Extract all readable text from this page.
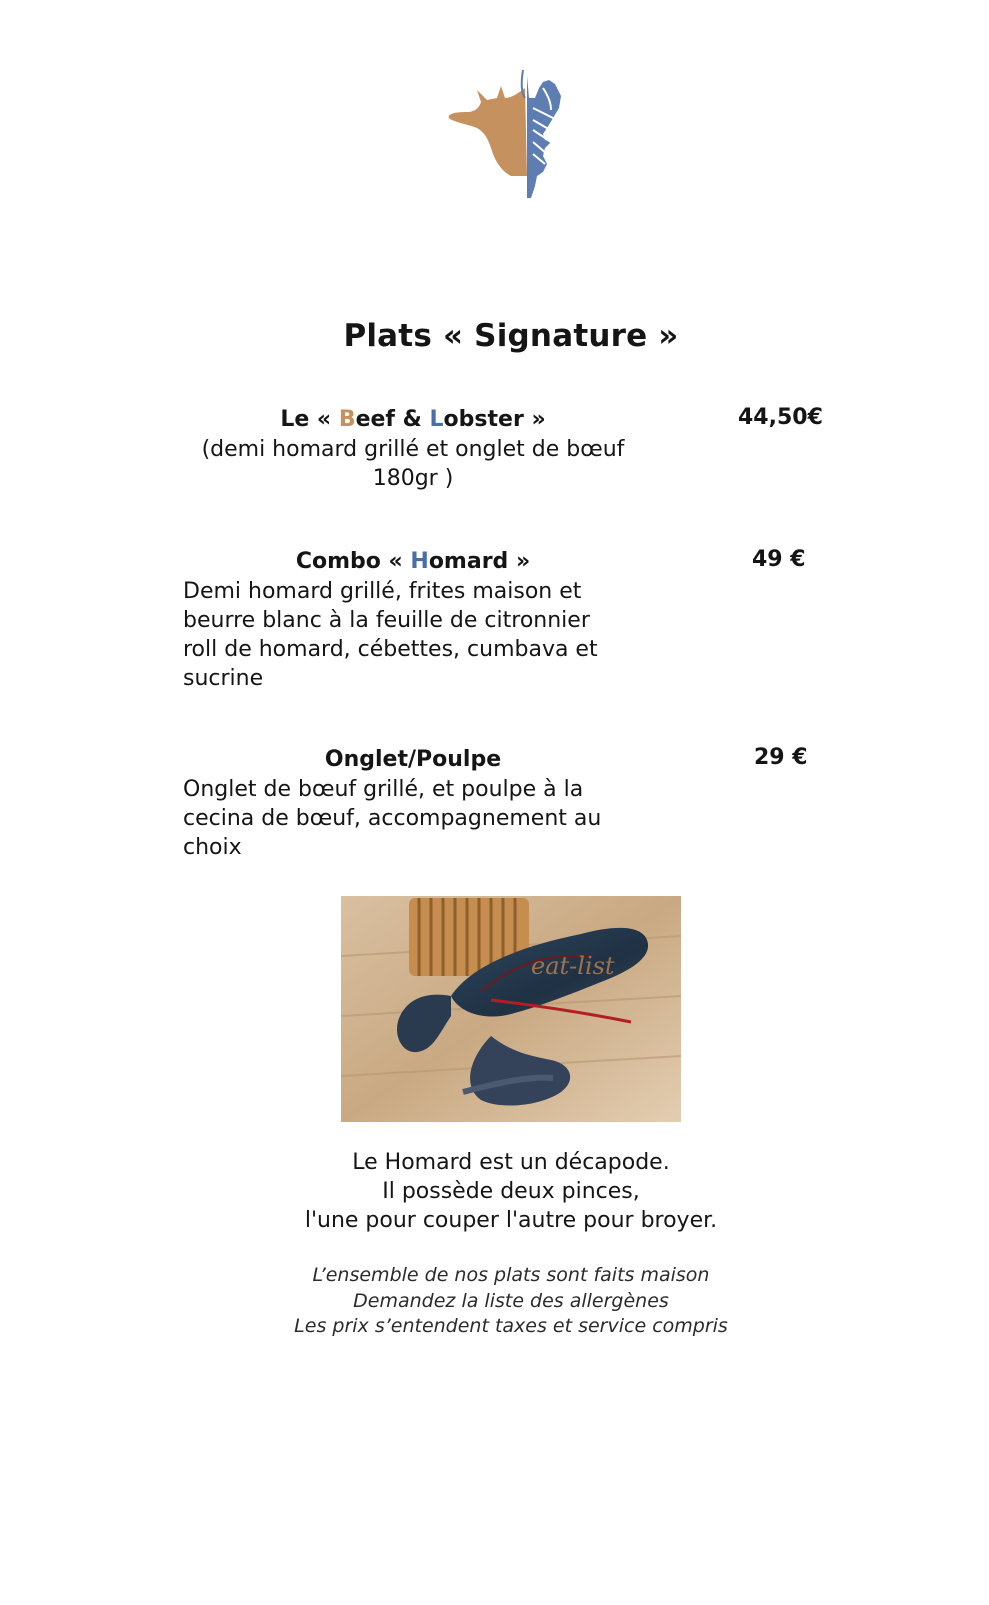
Plats « Signature »
Le « Beef & Lobster »
(demi homard grillé et onglet de bœuf
180gr )
44,50€
Combo « Homard »
Demi homard grillé, frites maison et
beurre blanc à la feuille de citronnier
roll de homard, cébettes, cumbava et
sucrine
49 €
Onglet/Poulpe
Onglet de bœuf grillé, et poulpe à la
cecina de bœuf, accompagnement au
choix
29 €
eat-list
Le Homard est un décapode.
Il possède deux pinces,
l'une pour couper l'autre pour broyer.
L’ensemble de nos plats sont faits maison
Demandez la liste des allergènes
Les prix s’entendent taxes et service compris
